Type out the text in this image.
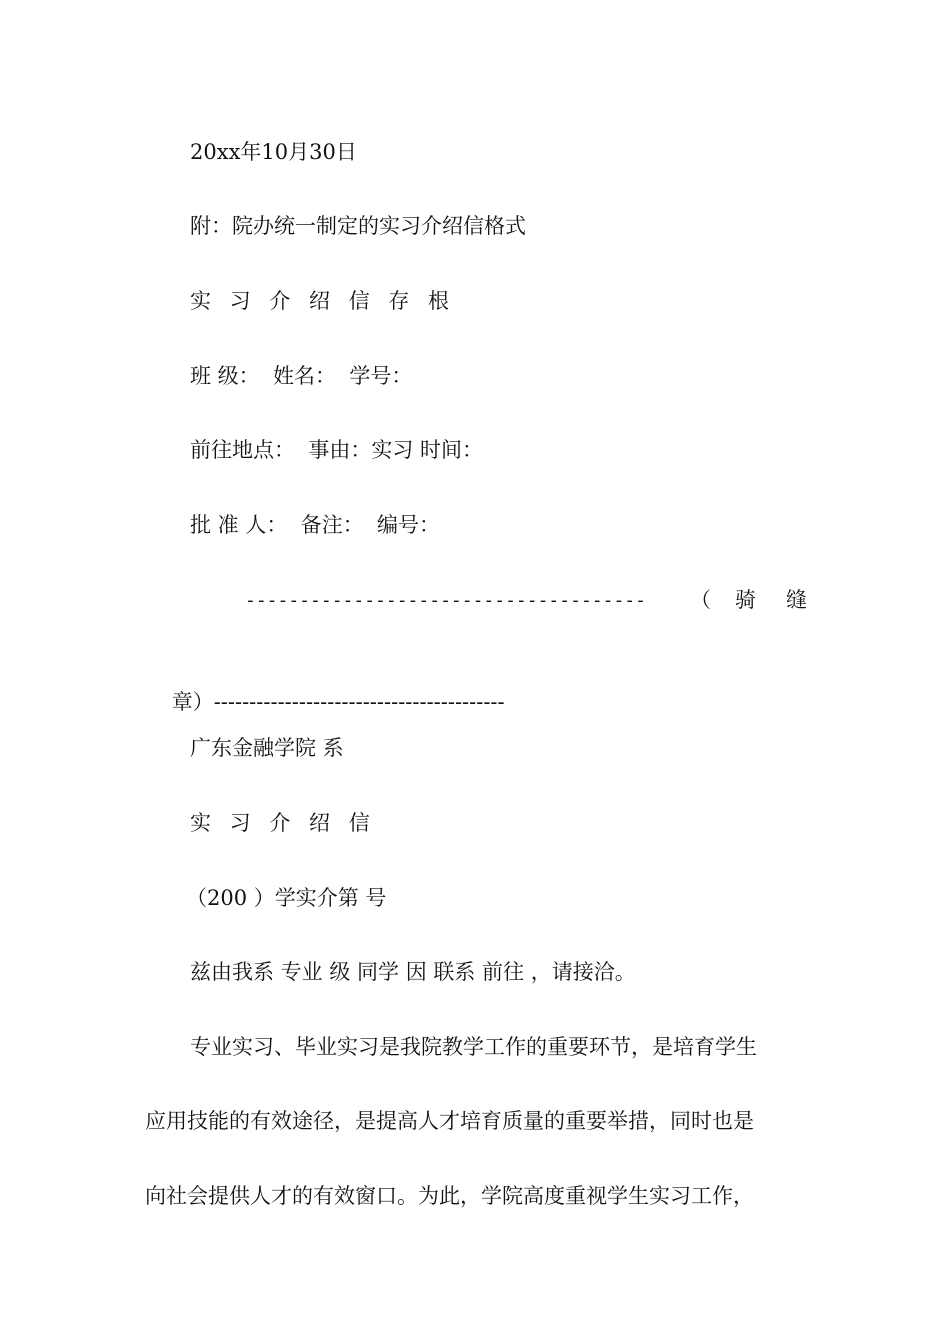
20xx年10月30日
附：院办统一制定的实习介绍信格式
实 习 介 绍 信 存 根
班 级：  姓名：  学号：
前往地点：  事由：实习 时间：
批 准 人：  备注：  编号：
------------------------------------- （ 骑 缝

章）-----------------------------------------

广东金融学院 系
实 习 介 绍 信
（200 ）学实介第 号
兹由我系 专业 级 同学 因 联系 前往 ，请接洽。
专业实习、毕业实习是我院教学工作的重要环节，是培育学生
应用技能的有效途径，是提高人才培育质量的重要举措，同时也是
向社会提供人才的有效窗口。为此，学院高度重视学生实习工作，
